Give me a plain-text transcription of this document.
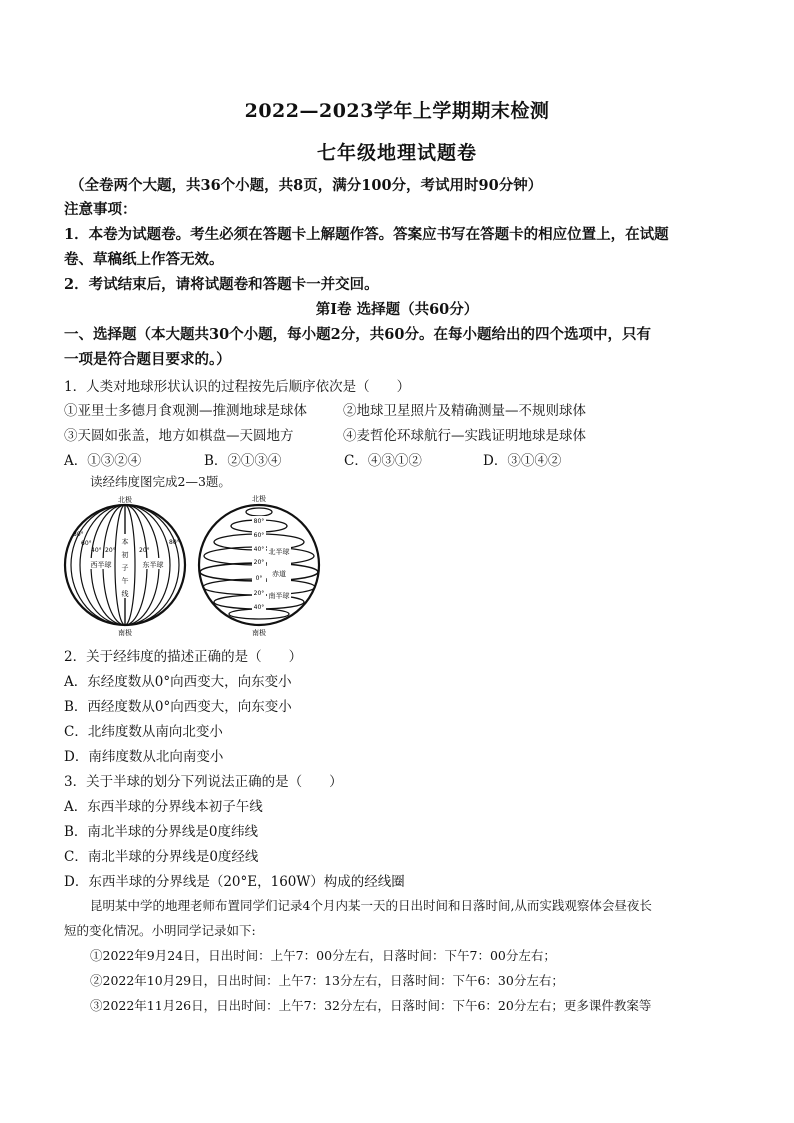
2022—2023学年上学期期末检测
七年级地理试题卷
（全卷两个大题，共36个小题，共8页，满分100分，考试用时90分钟）
注意事项：
1．本卷为试题卷。考生必须在答题卡上解题作答。答案应书写在答题卡的相应位置上，在试题
卷、草稿纸上作答无效。
2．考试结束后，请将试题卷和答题卡一并交回。
第Ⅰ卷 选择题（共60分）
一、选择题（本大题共30个小题，每小题2分，共60分。在每小题给出的四个选项中，只有
一项是符合题目要求的。）
1．人类对地球形状认识的过程按先后顺序依次是（　　）
①亚里士多德月食观测—推测地球是球体	②地球卫星照片及精确测量—不规则球体
③天圆如张盖，地方如棋盘—天圆地方	④麦哲伦环球航行—实践证明地球是球体
A．①③②④	B．②①③④	C．④③①②	D．③①④②
读经纬度图完成2—3题。
北极
南极
西半球	东半球
80°
60°
40° 20°	20°
80°
本
初
子
午
线
北极
南极
80°
60°
40°
20°
0°
20°
40°
北半球
赤道
南半球
2．关于经纬度的描述正确的是（　　）
A．东经度数从0°向西变大，向东变小
B．西经度数从0°向西变大，向东变小
C．北纬度数从南向北变小
D．南纬度数从北向南变小
3．关于半球的划分下列说法正确的是（　　）
A．东西半球的分界线本初子午线
B．南北半球的分界线是0度纬线
C．南北半球的分界线是0度经线
D．东西半球的分界线是（20°E，160W）构成的经线圈
昆明某中学的地理老师布置同学们记录4个月内某一天的日出时间和日落时间,从而实践观察体会昼夜长
短的变化情况。小明同学记录如下:
①2022年9月24日，日出时间：上午7：00分左右，日落时间：下午7：00分左右；
②2022年10月29日，日出时间：上午7：13分左右，日落时间：下午6：30分左右；
③2022年11月26日，日出时间：上午7：32分左右，日落时间：下午6：20分左右；更多课件教案等
